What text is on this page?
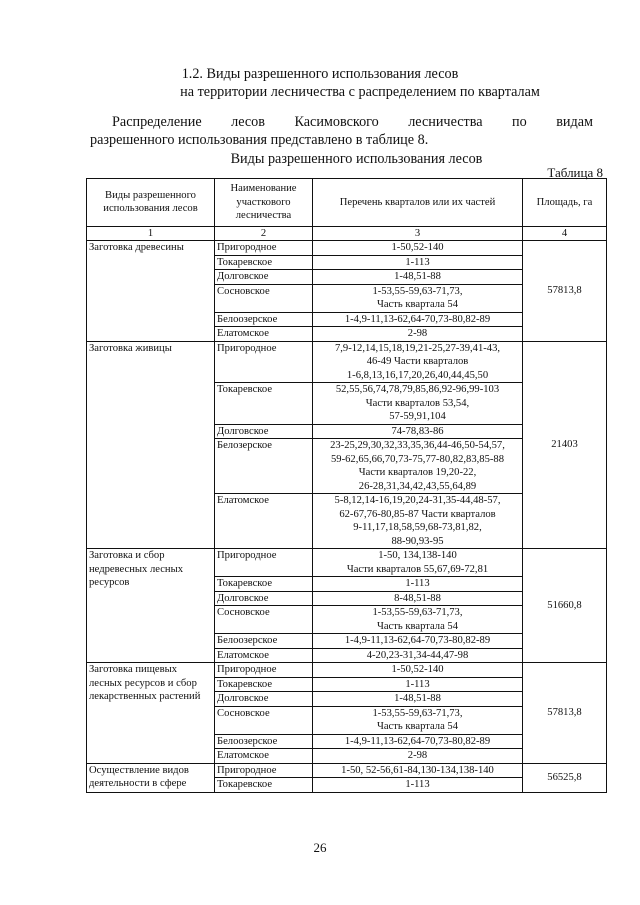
1.2. Виды разрешенного использования лесов
на территории лесничества с распределением по кварталам
Распределение лесов Касимовского лесничества по видам
разрешенного использования представлено в таблице 8.
Виды разрешенного использования лесов
Таблица 8
Виды разрешенного использования лесов	Наименование участкового лесничества	Перечень кварталов или их частей	Площадь, га
1	2	3	4
Заготовка древесины	Пригородное	1-50,52-140	57813,8
	Токаревское	1-113	
	Долговское	1-48,51-88	
	Сосновское	1-53,55-59,63-71,73,
Часть квартала 54	
	Белоозерское	1-4,9-11,13-62,64-70,73-80,82-89	
	Елатомское	2-98	
Заготовка живицы	Пригородное	7,9-12,14,15,18,19,21-25,27-39,41-43,
46-49 Части кварталов
1-6,8,13,16,17,20,26,40,44,45,50	21403
	Токаревское	52,55,56,74,78,79,85,86,92-96,99-103
Части кварталов 53,54,
57-59,91,104	
	Долговское	74-78,83-86	
	Белозерское	23-25,29,30,32,33,35,36,44-46,50-54,57,
59-62,65,66,70,73-75,77-80,82,83,85-88
Части кварталов 19,20-22,
26-28,31,34,42,43,55,64,89	
	Елатомское	5-8,12,14-16,19,20,24-31,35-44,48-57,
62-67,76-80,85-87 Части кварталов
9-11,17,18,58,59,68-73,81,82,
88-90,93-95	
Заготовка и сбор недревесных лесных ресурсов	Пригородное	1-50, 134,138-140
Части кварталов 55,67,69-72,81	51660,8
	Токаревское	1-113	
	Долговское	8-48,51-88	
	Сосновское	1-53,55-59,63-71,73,
Часть квартала 54	
	Белоозерское	1-4,9-11,13-62,64-70,73-80,82-89	
	Елатомское	4-20,23-31,34-44,47-98	
Заготовка пищевых лесных ресурсов и сбор лекарственных растений	Пригородное	1-50,52-140	57813,8
	Токаревское	1-113	
	Долговское	1-48,51-88	
	Сосновское	1-53,55-59,63-71,73,
Часть квартала 54	
	Белоозерское	1-4,9-11,13-62,64-70,73-80,82-89	
	Елатомское	2-98	
Осуществление видов деятельности в сфере	Пригородное	1-50, 52-56,61-84,130-134,138-140	56525,8
	Токаревское	1-113	
26
